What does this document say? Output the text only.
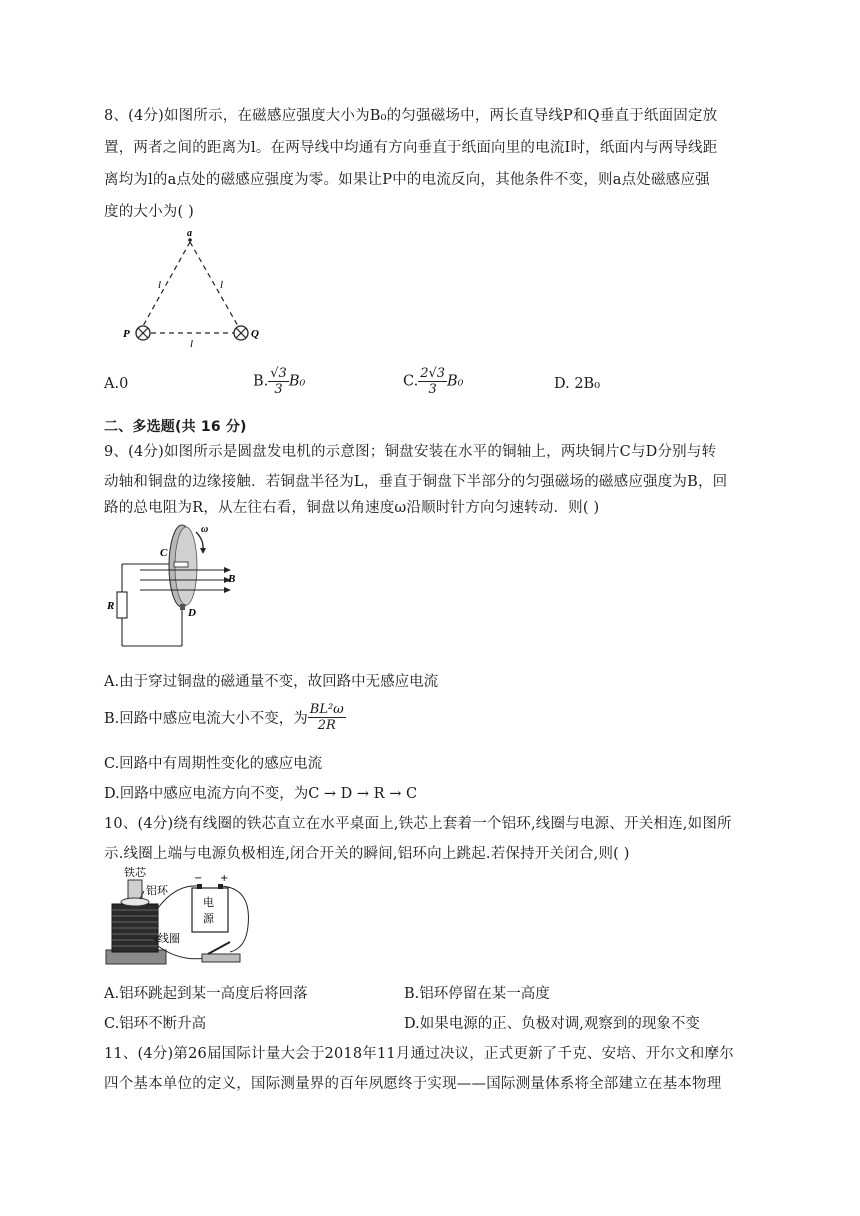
8、(4分)如图所示，在磁感应强度大小为B₀的匀强磁场中，两长直导线P和Q垂直于纸面固定放
置，两者之间的距离为l。在两导线中均通有方向垂直于纸面向里的电流I时，纸面内与两导线距
离均为l的a点处的磁感应强度为零。如果让P中的电流反向，其他条件不变，则a点处磁感应强
度的大小为( )
a
l	l
l
P	Q
A.0	B. $\frac{√3}{3} B_0$	C. $\frac{2√3}{3} B_0$	D. 2B₀
二、多选题(共 16 分)
9、(4分)如图所示是圆盘发电机的示意图；铜盘安装在水平的铜轴上，两块铜片C与D分别与转
动轴和铜盘的边缘接触．若铜盘半径为L，垂直于铜盘下半部分的匀强磁场的磁感应强度为B，回
路的总电阻为R，从左往右看，铜盘以角速度ω沿顺时针方向匀速转动．则( )
R
ω
C
D
B
A.由于穿过铜盘的磁通量不变，故回路中无感应电流
B.回路中感应电流大小不变，为 $\frac{\text{BL²ω}}{2R}$
C.回路中有周期性变化的感应电流
D.回路中感应电流方向不变，为C → D → R → C
10、(4分)绕有线圈的铁芯直立在水平桌面上,铁芯上套着一个铝环,线圈与电源、开关相连,如图所
示.线圈上端与电源负极相连,闭合开关的瞬间,铝环向上跳起.若保持开关闭合,则( )
铁芯
铝环
线圈
− +
电
源
A.铝环跳起到某一高度后将回落	B.铝环停留在某一高度
C.铝环不断升高	D.如果电源的正、负极对调,观察到的现象不变
11、(4分)第26届国际计量大会于2018年11月通过决议，正式更新了千克、安培、开尔文和摩尔
四个基本单位的定义，国际测量界的百年夙愿终于实现——国际测量体系将全部建立在基本物理
